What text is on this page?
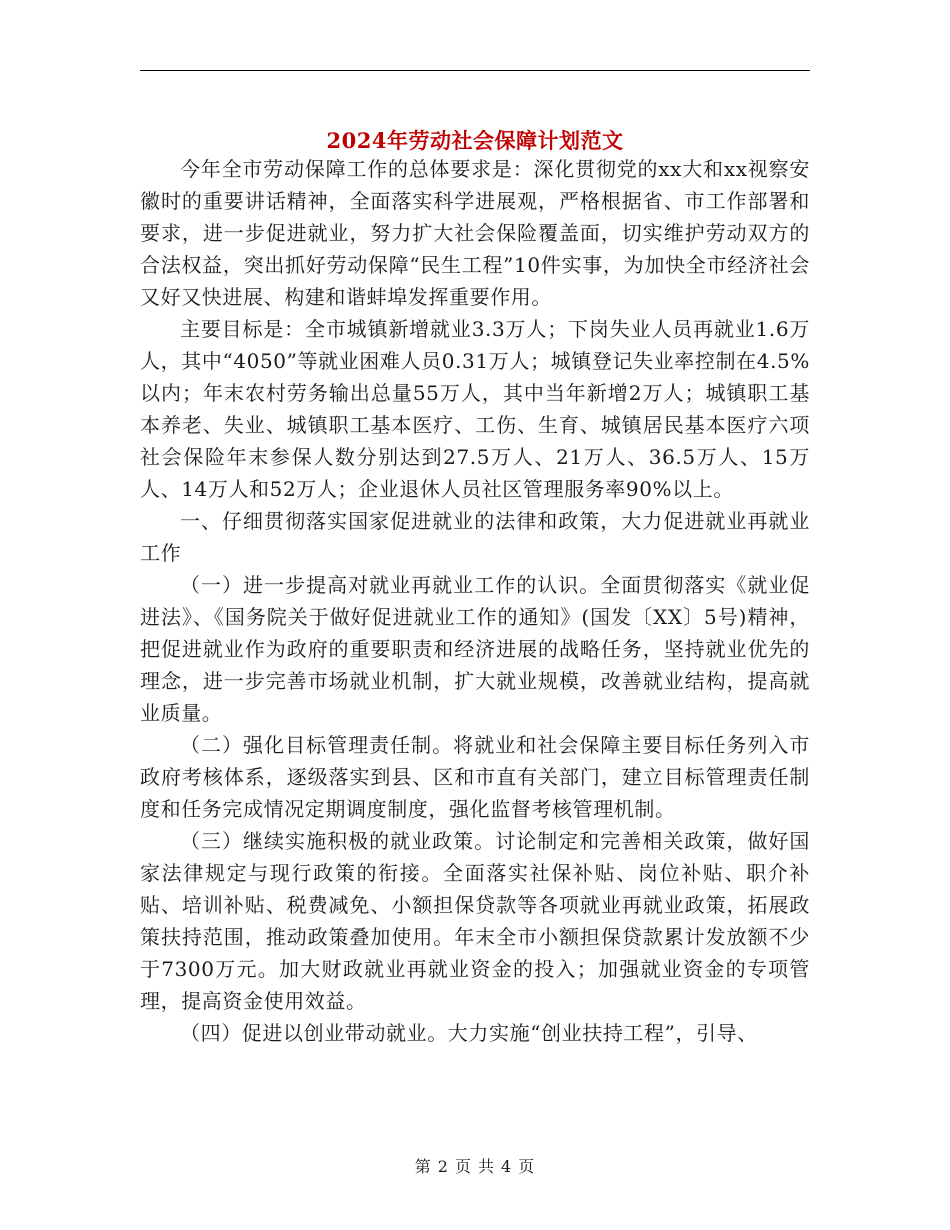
2024年劳动社会保障计划范文

今年全市劳动保障工作的总体要求是：深化贯彻党的xx大和xx视察安徽时的重要讲话精神，全面落实科学进展观，严格根据省、市工作部署和要求，进一步促进就业，努力扩大社会保险覆盖面，切实维护劳动双方的合法权益，突出抓好劳动保障“民生工程”10件实事，为加快全市经济社会又好又快进展、构建和谐蚌埠发挥重要作用。

主要目标是：全市城镇新增就业3.3万人；下岗失业人员再就业1.6万人，其中“4050”等就业困难人员0.31万人；城镇登记失业率控制在4.5%以内；年末农村劳务输出总量55万人，其中当年新增2万人；城镇职工基本养老、失业、城镇职工基本医疗、工伤、生育、城镇居民基本医疗六项社会保险年末参保人数分别达到27.5万人、21万人、36.5万人、15万人、14万人和52万人；企业退休人员社区管理服务率90%以上。

一、仔细贯彻落实国家促进就业的法律和政策，大力促进就业再就业工作

（一）进一步提高对就业再就业工作的认识。全面贯彻落实《就业促进法》、《国务院关于做好促进就业工作的通知》(国发〔XX〕5号)精神，把促进就业作为政府的重要职责和经济进展的战略任务，坚持就业优先的理念，进一步完善市场就业机制，扩大就业规模，改善就业结构，提高就业质量。

（二）强化目标管理责任制。将就业和社会保障主要目标任务列入市政府考核体系，逐级落实到县、区和市直有关部门，建立目标管理责任制度和任务完成情况定期调度制度，强化监督考核管理机制。

（三）继续实施积极的就业政策。讨论制定和完善相关政策，做好国家法律规定与现行政策的衔接。全面落实社保补贴、岗位补贴、职介补贴、培训补贴、税费减免、小额担保贷款等各项就业再就业政策，拓展政策扶持范围，推动政策叠加使用。年末全市小额担保贷款累计发放额不少于7300万元。加大财政就业再就业资金的投入；加强就业资金的专项管理，提高资金使用效益。

（四）促进以创业带动就业。大力实施“创业扶持工程”，引导、

第 2 页 共 4 页
